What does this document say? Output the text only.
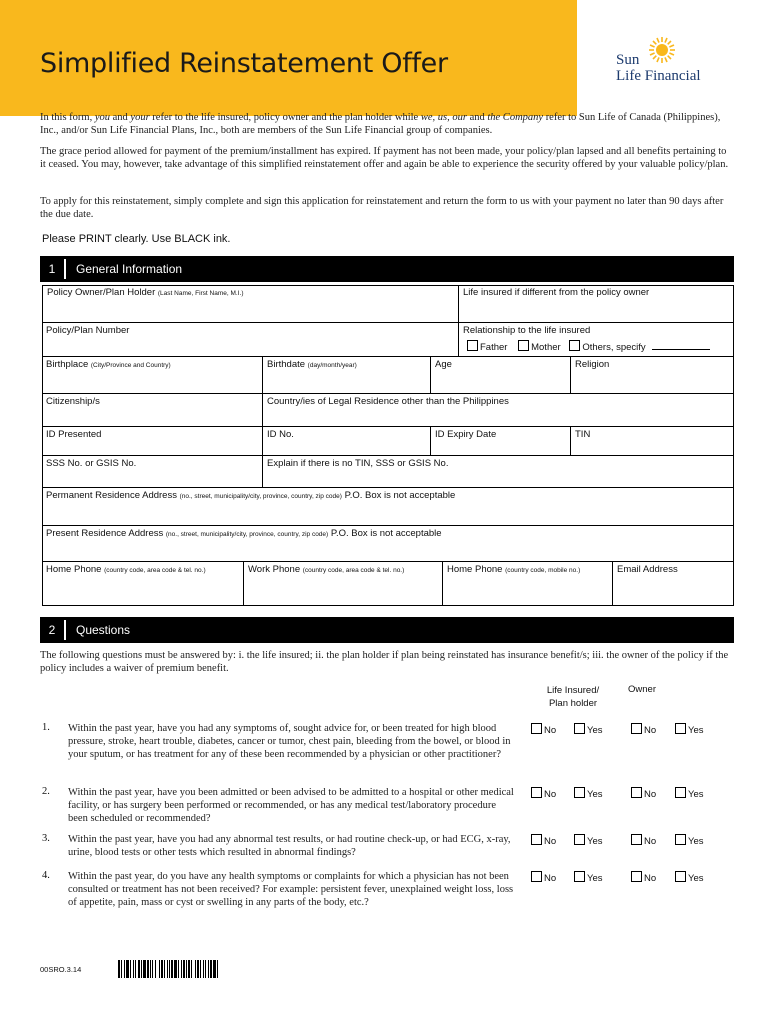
Simplified Reinstatement Offer	Sun
Life Financial
In this form, you and your refer to the life insured, policy owner and the plan holder while we, us, our and the Company refer to Sun Life of Canada (Philippines), Inc., and/or Sun Life Financial Plans, Inc., both are members of the Sun Life Financial group of companies.
The grace period allowed for payment of the premium/installment has expired. If payment has not been made, your policy/plan lapsed and all benefits pertaining to it ceased. You may, however, take advantage of this simplified reinstatement offer and again be able to experience the security offered by your valuable policy/plan.
To apply for this reinstatement, simply complete and sign this application for reinstatement and return the form to us with your payment no later than 90 days after the due date.
Please PRINT clearly. Use BLACK ink.
1	General Information
Policy Owner/Plan Holder (Last Name, First Name, M.I.)	Life insured if different from the policy owner
Policy/Plan Number	Relationship to the life insured
Father Mother Others, specify
Birthplace (City/Province and Country)	Birthdate (day/month/year)	Age	Religion
Citizenship/s	Country/ies of Legal Residence other than the Philippines
ID Presented	ID No.	ID Expiry Date	TIN
SSS No. or GSIS No.	Explain if there is no TIN, SSS or GSIS No.
Permanent Residence Address (no., street, municipality/city, province, country, zip code) P.O. Box is not acceptable
Present Residence Address (no., street, municipality/city, province, country, zip code) P.O. Box is not acceptable
Home Phone (country code, area code & tel. no.)	Work Phone (country code, area code & tel. no.)	Home Phone (country code, mobile no.)	Email Address
2	Questions
The following questions must be answered by: i. the life insured; ii. the plan holder if plan being reinstated has insurance benefit/s; iii. the owner of the policy if the policy includes a waiver of premium benefit.
Life Insured/
Plan holder
Owner
1. Within the past year, have you had any symptoms of, sought advice for, or been treated for high blood pressure, stroke, heart trouble, diabetes, cancer or tumor, chest pain, bleeding from the bowel, or blood in your sputum, or has treatment for any of these been recommended by a physician or other practitioner?
No	Yes	No	Yes
2. Within the past year, have you been admitted or been advised to be admitted to a hospital or other medical facility, or has surgery been performed or recommended, or has any medical test/laboratory procedure been scheduled or recommended?
No	Yes	No	Yes
3. Within the past year, have you had any abnormal test results, or had routine check-up, or had ECG, x-ray, urine, blood tests or other tests which resulted in abnormal findings?
No	Yes	No	Yes
4. Within the past year, do you have any health symptoms or complaints for which a physician has not been consulted or treatment has not been received? For example: persistent fever, unexplained weight loss, loss of appetite, pain, mass or cyst or swelling in any parts of the body, etc.?
No	Yes	No	Yes
00SRO.3.14
